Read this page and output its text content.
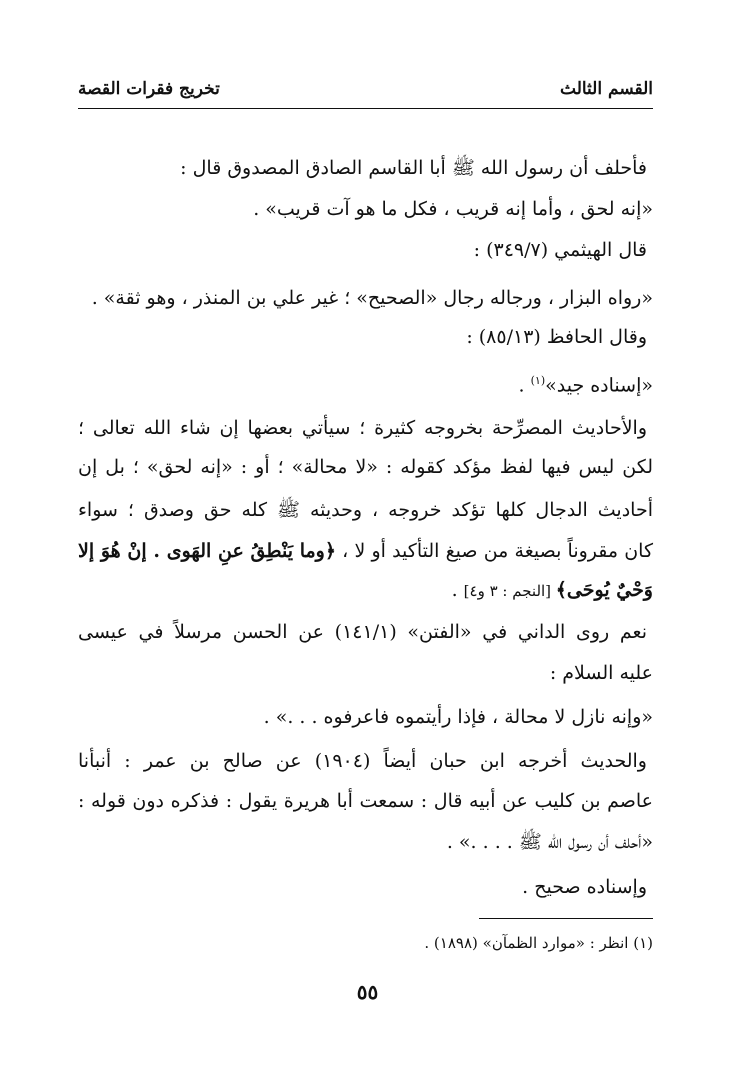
القسم الثالث
تخريج فقرات القصة
فأحلف أن رسول الله ﷺ أبا القاسم الصادق المصدوق قال :
«إنه لحق ، وأما إنه قريب ، فكل ما هو آت قريب» .
قال الهيثمي (٣٤٩/٧) :
«رواه البزار ، ورجاله رجال «الصحيح» ؛ غير علي بن المنذر ، وهو ثقة» .
وقال الحافظ (٨٥/١٣) :
«إسناده جيد»$^{(١)}$ .
والأحاديث المصرِّحة بخروجه كثيرة ؛ سيأتي بعضها إن شاء الله تعالى ؛
لكن ليس فيها لفظ مؤكد كقوله : «لا محالة» ؛ أو : «إنه لحق» ؛ بل إن
أحاديث الدجال كلها تؤكد خروجه ، وحديثه ﷺ كله حق وصدق ؛ سواء
كان مقروناً بصيغة من صيغ التأكيد أو لا ، ﴿وما يَنْطِقُ عنِ الهَوى . إنْ هُوَ إلا
وَحْيٌ يُوحَى﴾ [النجم : ٣ و٤] .
نعم روى الداني في «الفتن» (١٤١/١) عن الحسن مرسلاً في عيسى
عليه السلام :
«وإنه نازل لا محالة ، فإذا رأيتموه فاعرفوه . . .» .
والحديث أخرجه ابن حبان أيضاً (١٩٠٤) عن صالح بن عمر : أنبأنا
عاصم بن كليب عن أبيه قال : سمعت أبا هريرة يقول : فذكره دون قوله :
«أحلف أن رسول الله ﷺ . . . .» .
وإسناده صحيح .
(١) انظر : «موارد الظمآن» (١٨٩٨) .
٥٥
